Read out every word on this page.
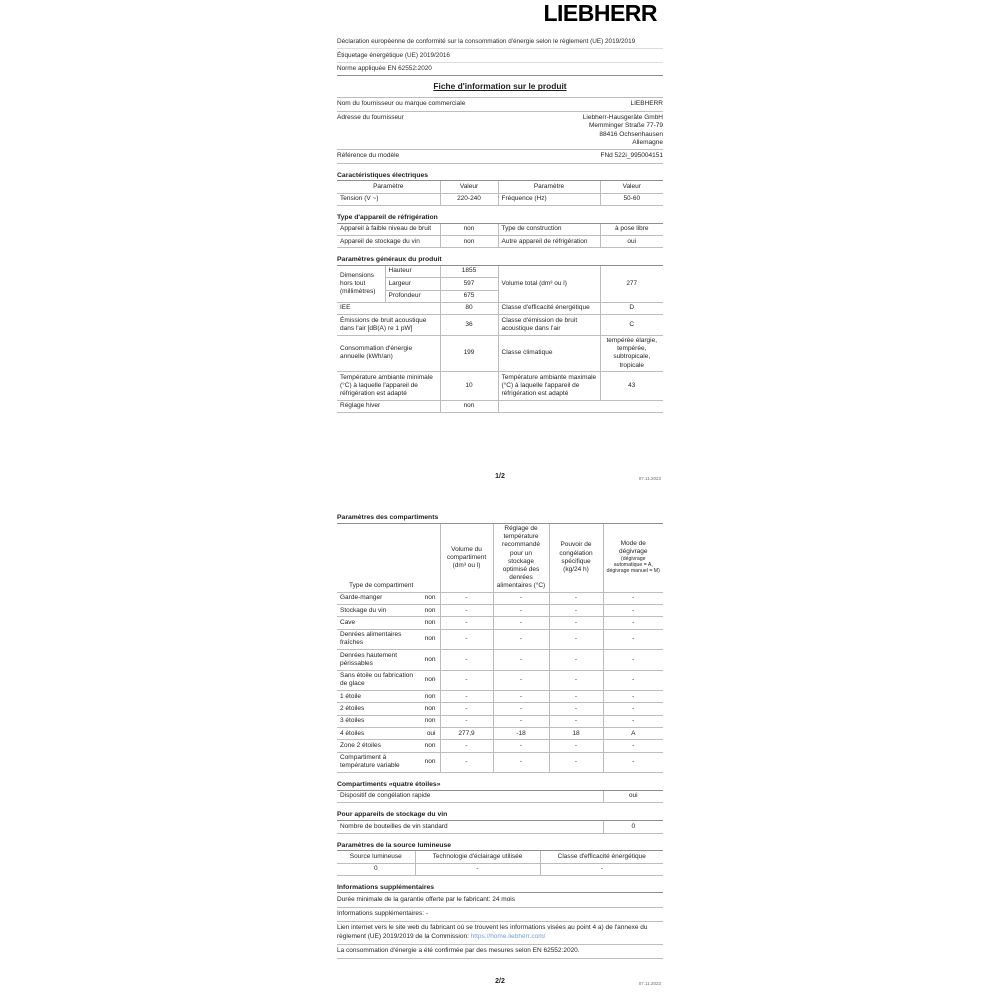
LIEBHERR
Déclaration européenne de conformité sur la consommation d'énergie selon le règlement (UE) 2019/2019
Étiquetage énergétique (UE) 2019/2016
Norme appliquée EN 62552:2020
Fiche d'information sur le produit
Nom du fournisseur ou marque commerciale	LIEBHERR
Adresse du fournisseur	Liebherr-Hausgeräte GmbH
Memminger Straße 77-79
88416 Ochsenhausen
Allemagne

Référence du modèle	FNd 522i_995004151
Caractéristiques électriques
Paramètre	Valeur	Paramètre	Valeur
Tension (V ~)	220-240	Fréquence (Hz)	50-60
Type d'appareil de réfrigération
Appareil à faible niveau de bruit	non	Type de construction	à pose libre
Appareil de stockage du vin	non	Autre appareil de réfrigération	oui
Paramètres généraux du produit
Dimensions hors tout (millimètres)	Hauteur	1855	Volume total (dm³ ou l)	277
	Largeur	597		
	Profondeur	675		
IEE		80	Classe d'efficacité énergétique	D
Émissions de bruit acoustique dans l'air [dB(A) re 1 pW]		36	Classe d'émission de bruit acoustique dans l'air	C
Consommation d'énergie annuelle (kWh/an)		199	Classe climatique	tempérée élargie, tempérée, subtropicale, tropicale
Température ambiante minimale (°C) à laquelle l'appareil de réfrigération est adapté		10	Température ambiante maximale (°C) à laquelle l'appareil de réfrigération est adapté	43
Réglage hiver		non		
1/2	07.11.2023
Paramètres des compartiments
Type de compartiment		Volume du compartiment (dm³ ou l)	Réglage de température recommandé pour un stockage optimisé des denrées alimentaires (°C)	Pouvoir de congélation spécifique (kg/24 h)	Mode de dégivrage
(dégivrage automatique = A, dégivrage manuel = M)

Garde-manger	non	-	-	-	-
Stockage du vin	non	-	-	-	-
Cave	non	-	-	-	-
Denrées alimentaires fraîches	non	-	-	-	-
Denrées hautement périssables	non	-	-	-	-
Sans étoile ou fabrication de glace	non	-	-	-	-
1 étoile	non	-	-	-	-
2 étoiles	non	-	-	-	-
3 étoiles	non	-	-	-	-
4 étoiles	oui	277,9	-18	18	A
Zone 2 étoiles	non	-	-	-	-
Compartiment à température variable	non	-	-	-	-
Compartiments «quatre étoiles»
Dispositif de congélation rapide	oui
Pour appareils de stockage du vin
Nombre de bouteilles de vin standard	0
Paramètres de la source lumineuse
Source lumineuse	Technologie d'éclairage utilisée	Classe d'efficacité énergétique
0	-	-
Informations supplémentaires
Durée minimale de la garantie offerte par le fabricant: 24 mois
Informations supplémentaires: -
Lien internet vers le site web du fabricant où se trouvent les informations visées au point 4 a) de l'annexe du règlement (UE) 2019/2019 de la Commission: https://home.liebherr.com/
La consommation d'énergie a été confirmée par des mesures selon EN 62552:2020.
2/2	07.11.2023
